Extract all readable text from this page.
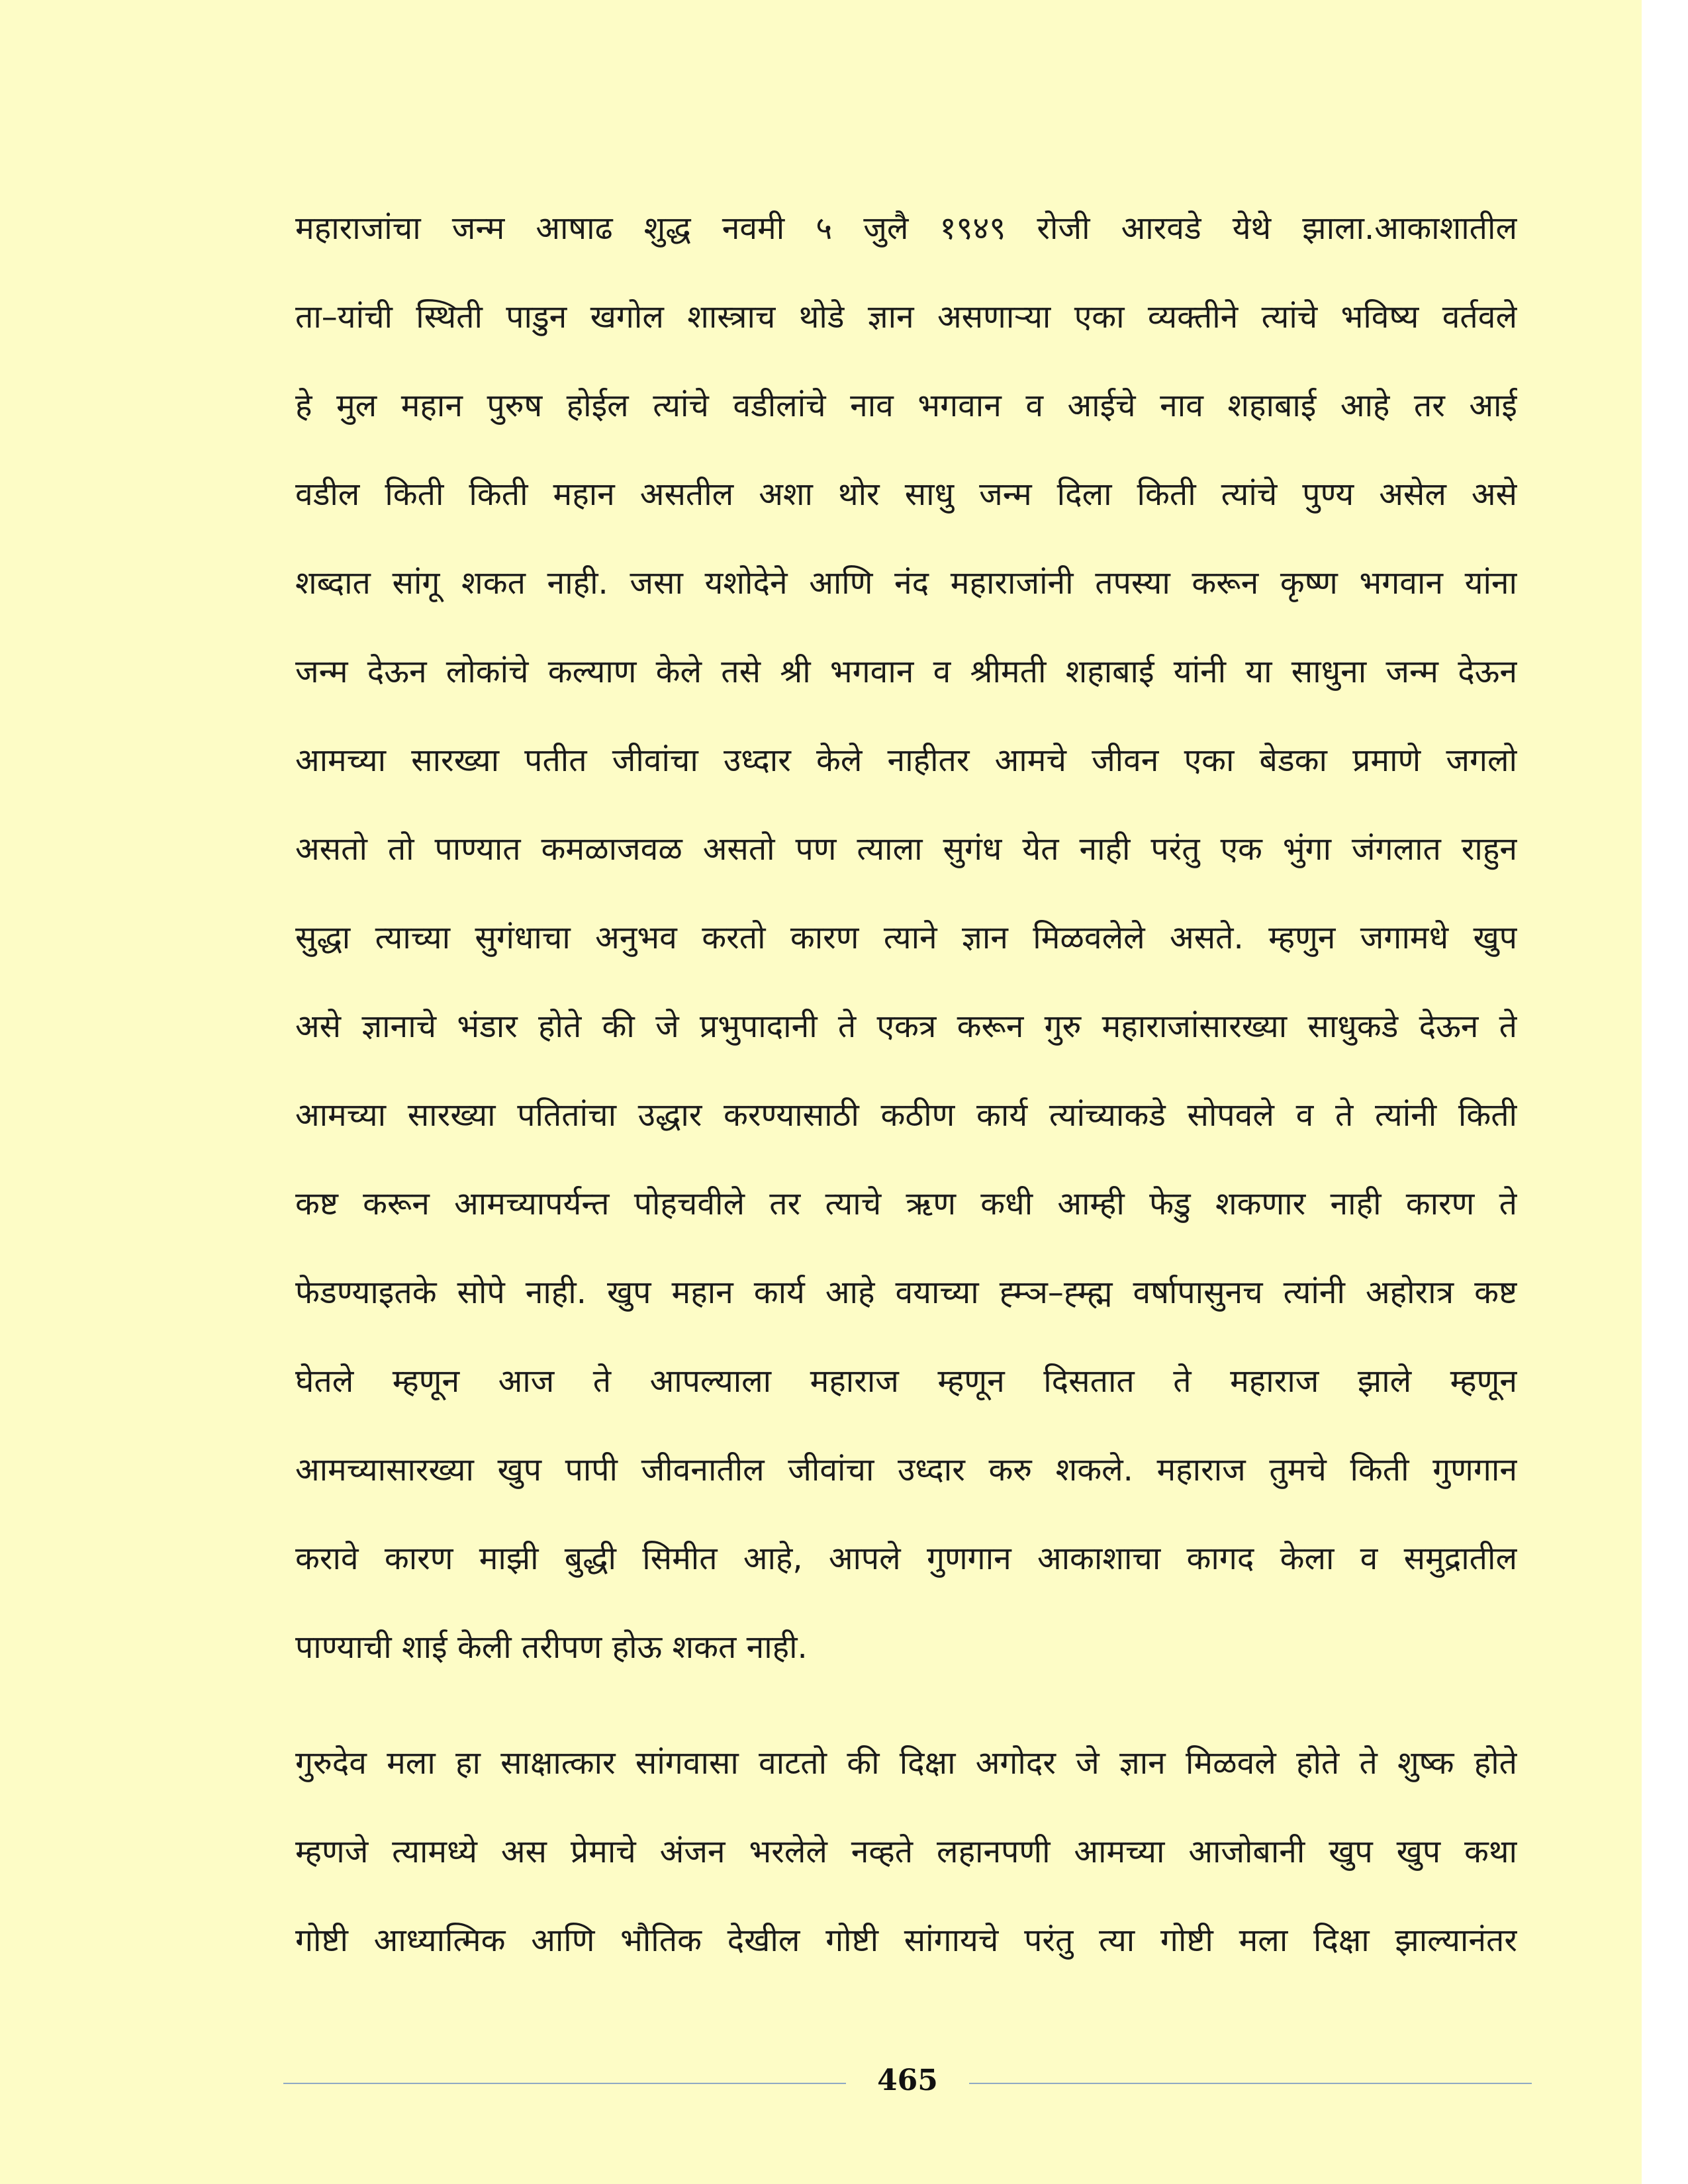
महाराजांचा जन्म आषाढ शुद्ध नवमी ५ जुलै १९४९ रोजी आरवडे येथे झाला.आकाशातील
ता–यांची स्थिती पाडुन खगोल शास्त्राच थोडे ज्ञान असणाऱ्या एका व्यक्तीने त्यांचे भविष्य वर्तवले
हे मुल महान पुरुष होईल त्यांचे वडीलांचे नाव भगवान व आईचे नाव शहाबाई आहे तर आई
वडील किती किती महान असतील अशा थोर साधु जन्म दिला किती त्यांचे पुण्य असेल असे
शब्दात सांगू शकत नाही. जसा यशोदेने आणि नंद महाराजांनी तपस्या करून कृष्ण भगवान यांना
जन्म देऊन लोकांचे कल्याण केले तसे श्री भगवान व श्रीमती शहाबाई यांनी या साधुना जन्म देऊन
आमच्या सारख्या पतीत जीवांचा उध्दार केले नाहीतर आमचे जीवन एका बेडका प्रमाणे जगलो
असतो तो पाण्यात कमळाजवळ असतो पण त्याला सुगंध येत नाही परंतु एक भुंगा जंगलात राहुन
सुद्धा त्याच्या सुगंधाचा अनुभव करतो कारण त्याने ज्ञान मिळवलेले असते. म्हणुन जगामधे खुप
असे ज्ञानाचे भंडार होते की जे प्रभुपादानी ते एकत्र करून गुरु महाराजांसारख्या साधुकडे देऊन ते
आमच्या सारख्या पतितांचा उद्धार करण्यासाठी कठीण कार्य त्यांच्याकडे सोपवले व ते त्यांनी किती
कष्ट करून आमच्यापर्यन्त पोहचवीले तर त्याचे ऋण कधी आम्ही फेडु शकणार नाही कारण ते
फेडण्याइतके सोपे नाही. खुप महान कार्य आहे वयाच्या ह्म्ञ–ह्म्ह्म वर्षापासुनच त्यांनी अहोरात्र कष्ट
घेतले म्हणून आज ते आपल्याला महाराज म्हणून दिसतात ते महाराज झाले म्हणून
आमच्यासारख्या खुप पापी जीवनातील जीवांचा उध्दार करु शकले. महाराज तुमचे किती गुणगान
करावे कारण माझी बुद्धी सिमीत आहे, आपले गुणगान आकाशाचा कागद केला व समुद्रातील
पाण्याची शाई केली तरीपण होऊ शकत नाही.
गुरुदेव मला हा साक्षात्कार सांगवासा वाटतो की दिक्षा अगोदर जे ज्ञान मिळवले होते ते शुष्क होते
म्हणजे त्यामध्ये अस प्रेमाचे अंजन भरलेले नव्हते लहानपणी आमच्या आजोबानी खुप खुप कथा
गोष्टी आध्यात्मिक आणि भौतिक देखील गोष्टी सांगायचे परंतु त्या गोष्टी मला दिक्षा झाल्यानंतर
465
